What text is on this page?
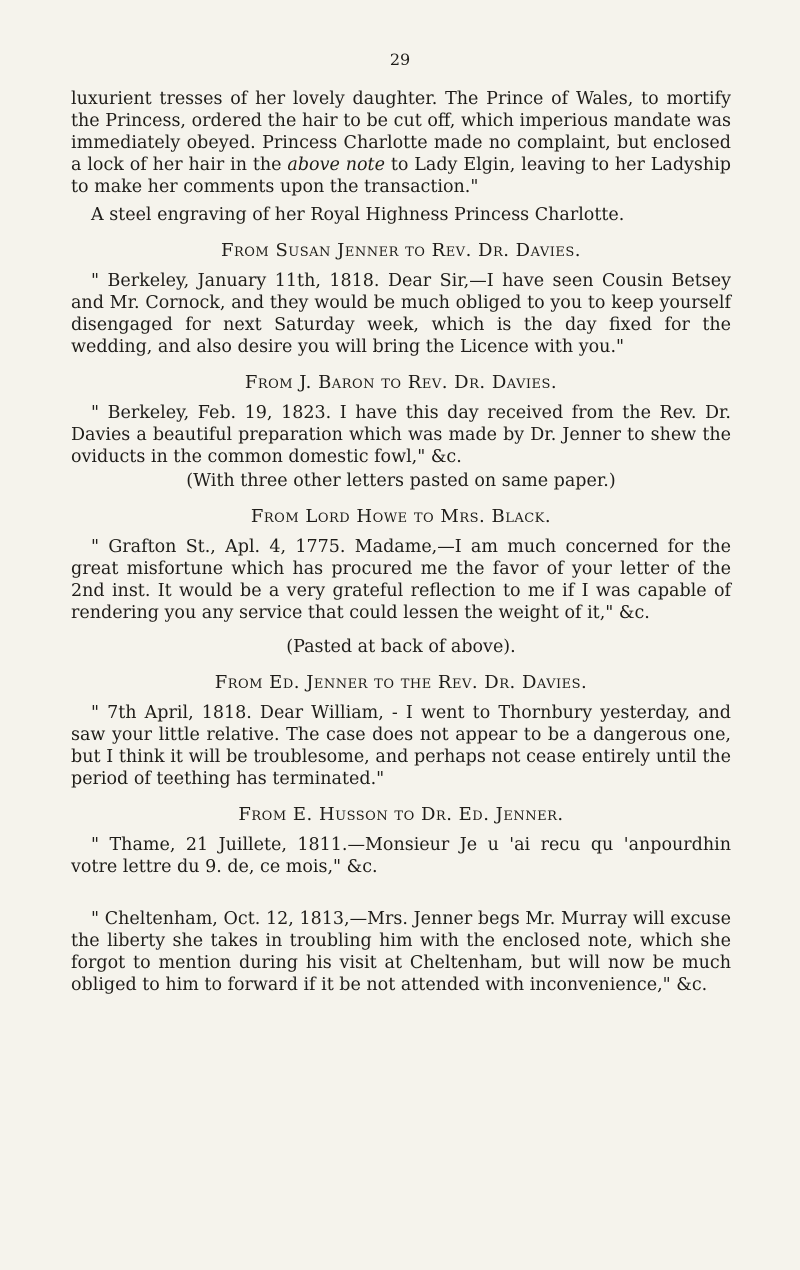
29

luxurient tresses of her lovely daughter. The Prince of Wales, to mortify the Princess, ordered the hair to be cut off, which imperious mandate was immediately obeyed. Princess Charlotte made no complaint, but enclosed a lock of her hair in the above note to Lady Elgin, leaving to her Ladyship to make her comments upon the transaction."

A steel engraving of her Royal Highness Princess Charlotte.

From Susan Jenner to Rev. Dr. Davies.

" Berkeley, January 11th, 1818. Dear Sir,—I have seen Cousin Betsey and Mr. Cornock, and they would be much obliged to you to keep yourself disengaged for next Saturday week, which is the day fixed for the wedding, and also desire you will bring the Licence with you."

From J. Baron to Rev. Dr. Davies.

" Berkeley, Feb. 19, 1823. I have this day received from the Rev. Dr. Davies a beautiful preparation which was made by Dr. Jenner to shew the oviducts in the common domestic fowl," &c.

(With three other letters pasted on same paper.)

From Lord Howe to Mrs. Black.

" Grafton St., Apl. 4, 1775. Madame,—I am much concerned for the great misfortune which has procured me the favor of your letter of the 2nd inst. It would be a very grateful reflection to me if I was capable of rendering you any service that could lessen the weight of it," &c.

(Pasted at back of above).

From Ed. Jenner to the Rev. Dr. Davies.

" 7th April, 1818. Dear William, - I went to Thornbury yesterday, and saw your little relative. The case does not appear to be a dangerous one, but I think it will be troublesome, and perhaps not cease entirely until the period of teething has terminated."

From E. Husson to Dr. Ed. Jenner.

" Thame, 21 Juillete, 1811.—Monsieur Je u 'ai recu qu 'anpourdhin votre lettre du 9. de, ce mois," &c.

" Cheltenham, Oct. 12, 1813,—Mrs. Jenner begs Mr. Murray will excuse the liberty she takes in troubling him with the enclosed note, which she forgot to mention during his visit at Cheltenham, but will now be much obliged to him to forward if it be not attended with inconvenience," &c.
